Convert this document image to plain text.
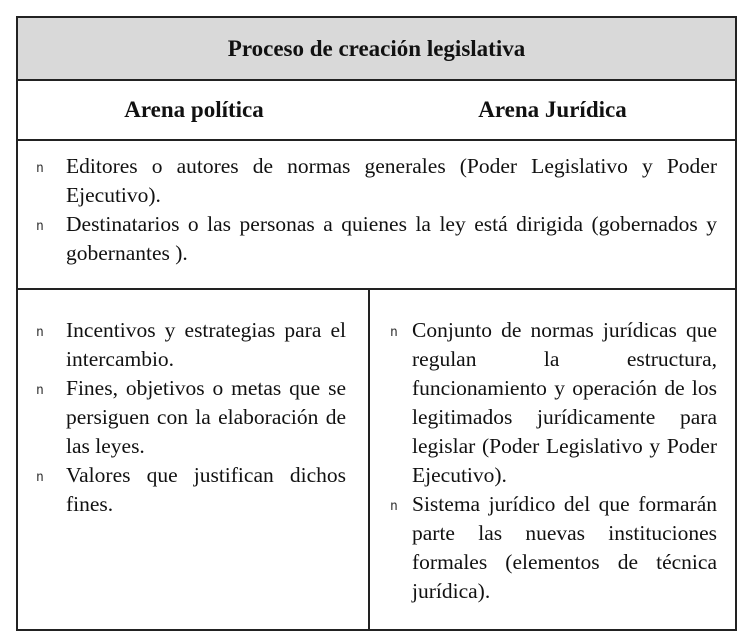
Proceso de creación legislativa
Arena política	Arena Jurídica

n Editores o autores de normas generales (Poder Legislativo y Poder Ejecutivo).

n Destinatarios o las personas a quienes la ley está dirigida (gobernados y gobernantes ).

n Incentivos y estrategias para el intercambio.

n Fines, objetivos o metas que se persiguen con la elaboración de las leyes.

n Valores que justifican dichos fines.

n Conjunto de normas jurídicas que regulan la estructura, funcionamiento y operación de los legitimados jurídicamente para legislar (Poder Legislativo y Poder Ejecutivo).

n Sistema jurídico del que formarán parte las nuevas instituciones formales (elementos de técnica jurídica).
